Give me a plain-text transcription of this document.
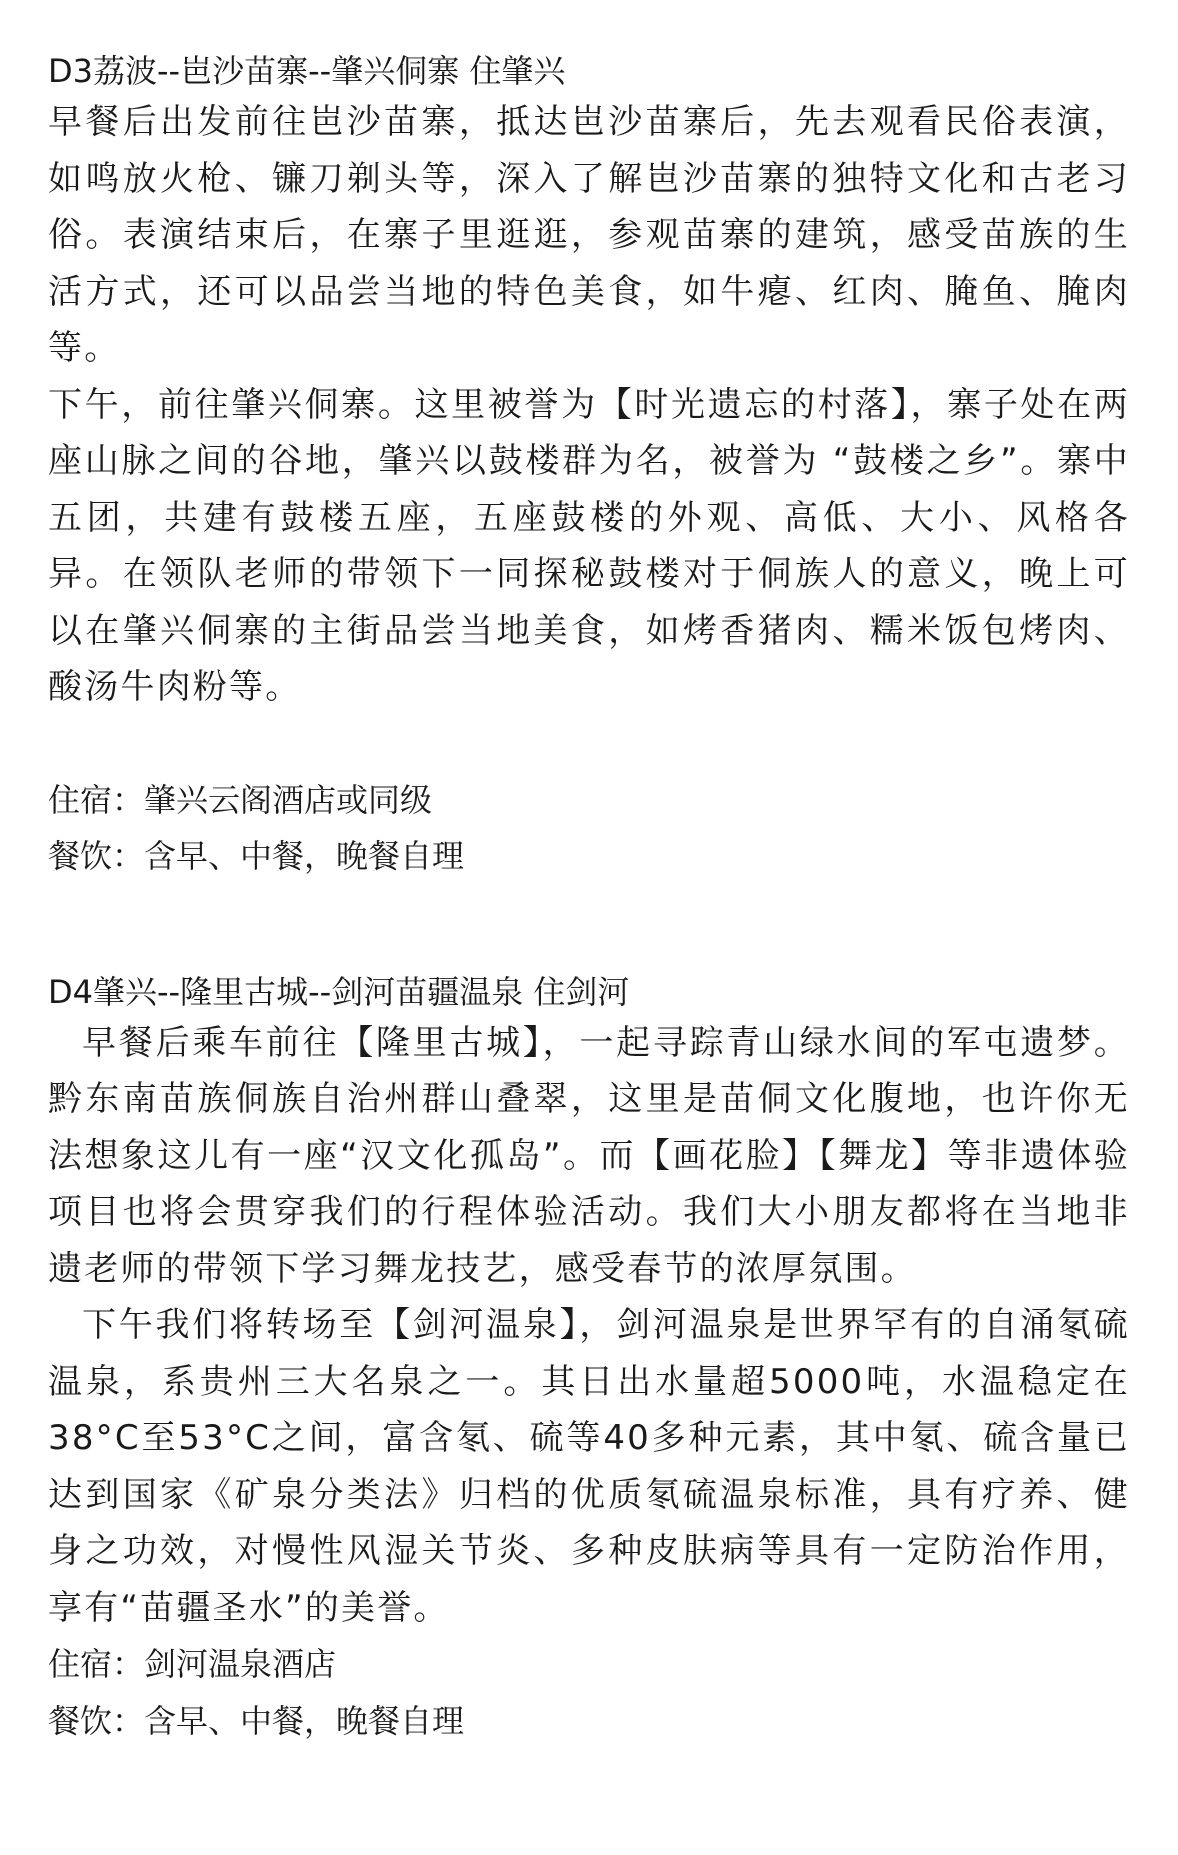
D3荔波--岜沙苗寨--肇兴侗寨 住肇兴

早餐后出发前往岜沙苗寨，抵达岜沙苗寨后，先去观看民俗表演，如鸣放火枪、镰刀剃头等，深入了解岜沙苗寨的独特文化和古老习俗。表演结束后，在寨子里逛逛，参观苗寨的建筑，感受苗族的生活方式，还可以品尝当地的特色美食，如牛瘪、红肉、腌鱼、腌肉等。

下午，前往肇兴侗寨。这里被誉为【时光遗忘的村落】，寨子处在两座山脉之间的谷地，肇兴以鼓楼群为名，被誉为 “鼓楼之乡”。寨中五团，共建有鼓楼五座，五座鼓楼的外观、高低、大小、风格各异。在领队老师的带领下一同探秘鼓楼对于侗族人的意义，晚上可以在肇兴侗寨的主街品尝当地美食，如烤香猪肉、糯米饭包烤肉、酸汤牛肉粉等。

住宿：肇兴云阁酒店或同级

餐饮：含早、中餐，晚餐自理

D4肇兴--隆里古城--剑河苗疆温泉 住剑河

早餐后乘车前往【隆里古城】，一起寻踪青山绿水间的军屯遗梦。黔东南苗族侗族自治州群山叠翠，这里是苗侗文化腹地，也许你无法想象这儿有一座“汉文化孤岛”。而【画花脸】【舞龙】等非遗体验项目也将会贯穿我们的行程体验活动。我们大小朋友都将在当地非遗老师的带领下学习舞龙技艺，感受春节的浓厚氛围。

下午我们将转场至【剑河温泉】，剑河温泉是世界罕有的自涌氡硫温泉，系贵州三大名泉之一。其日出水量超5000吨，水温稳定在38°C至53°C之间，富含氡、硫等40多种元素，其中氡、硫含量已达到国家《矿泉分类法》归档的优质氡硫温泉标准，具有疗养、健身之功效，对慢性风湿关节炎、多种皮肤病等具有一定防治作用，享有“苗疆圣水”的美誉。

住宿：剑河温泉酒店

餐饮：含早、中餐，晚餐自理
